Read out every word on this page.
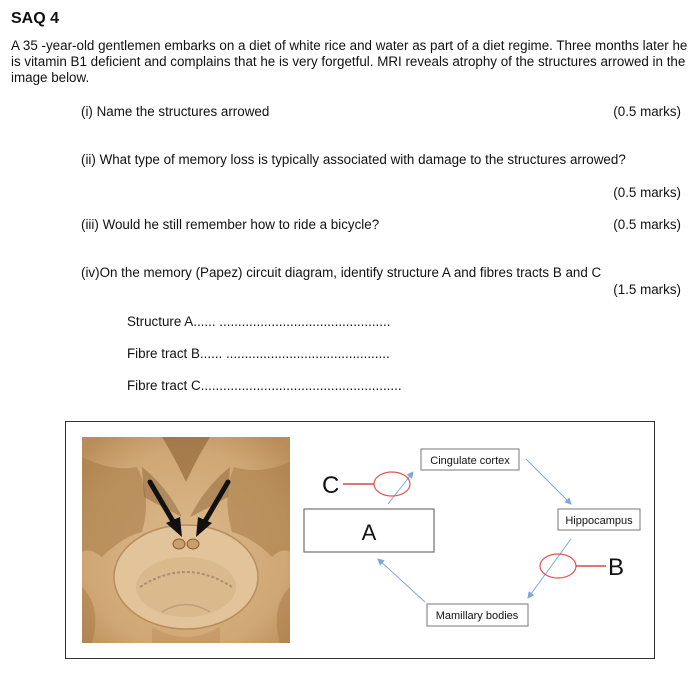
SAQ 4
A 35 -year-old gentlemen embarks on a diet of white rice and water as part of a diet regime. Three months later he is vitamin B1 deficient and complains that he is very forgetful. MRI reveals atrophy of the structures arrowed in the image below.
(i) Name the structures arrowed	(0.5 marks)
(ii) What type of memory loss is typically associated with damage to the structures arrowed?
(0.5 marks)
(iii) Would he still remember how to ride a bicycle?	(0.5 marks)
(iv)On the memory (Papez) circuit diagram, identify structure A and fibres tracts B and C
(1.5 marks)
Structure A...... ..............................................
Fibre tract B...... ............................................
Fibre tract C......................................................
Cingulate cortex
Hippocampus
Mamillary bodies
A
C
B
